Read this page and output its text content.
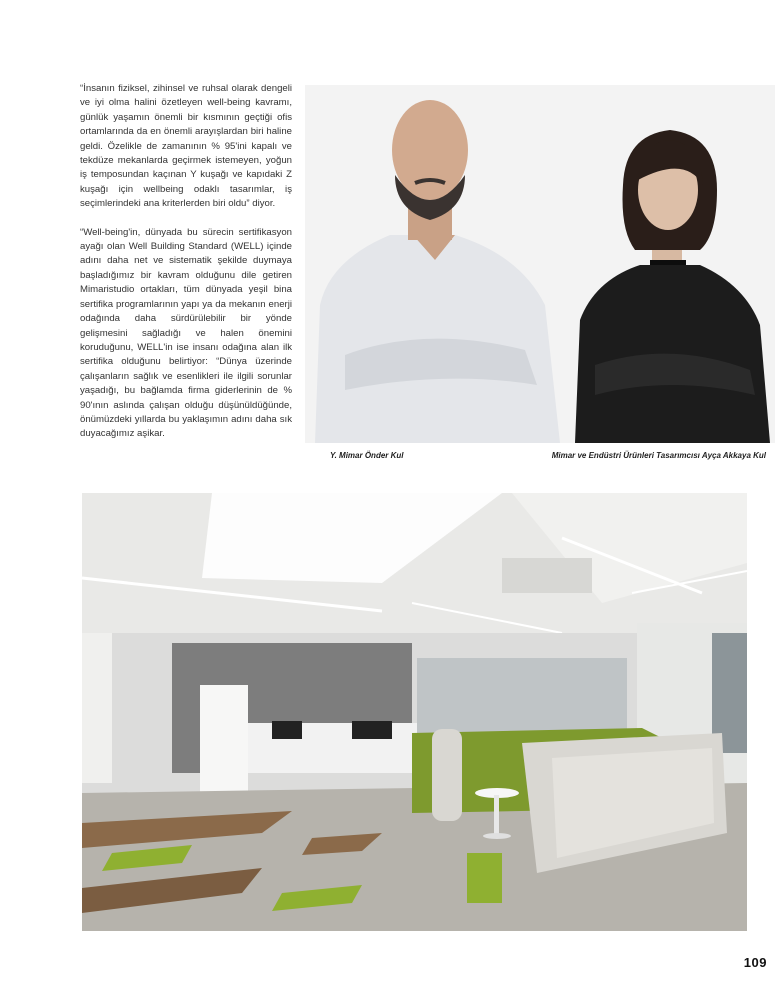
“İnsanın fiziksel, zihinsel ve ruhsal olarak dengeli ve iyi olma halini özetleyen well-being kavramı, günlük yaşamın önemli bir kısmının geçtiği ofis ortamlarında da en önemli arayışlardan biri haline geldi. Özelikle de zamanının % 95'ini kapalı ve tekdüze mekanlarda geçirmek istemeyen, yoğun iş temposundan kaçınan Y kuşağı ve kapıdaki Z kuşağı için wellbeing odaklı tasarımlar, iş seçimlerindeki ana kriterlerden biri oldu” diyor.

“Well-being'in, dünyada bu sürecin sertifikasyon ayağı olan Well Building Standard (WELL) içinde adını daha net ve sistematik şekilde duymaya başladığımız bir kavram olduğunu dile getiren Mimaristudio ortakları, tüm dünyada yeşil bina sertifika programlarının yapı ya da mekanın enerji odağında daha sürdürülebilir bir yönde gelişmesini sağladığı ve halen önemini koruduğunu, WELL'in ise insanı odağına alan ilk sertifika olduğunu belirtiyor: “Dünya üzerinde çalışanların sağlık ve esenlikleri ile ilgili sorunlar yaşadığı, bu bağlamda firma giderlerinin de % 90'ının aslında çalışan olduğu düşünüldüğünde, önümüzdeki yıllarda bu yaklaşımın adını daha sık duyacağımız aşikar.

Y. Mimar Önder Kul	Mimar ve Endüstri Ürünleri Tasarımcısı Ayça Akkaya Kul
109
